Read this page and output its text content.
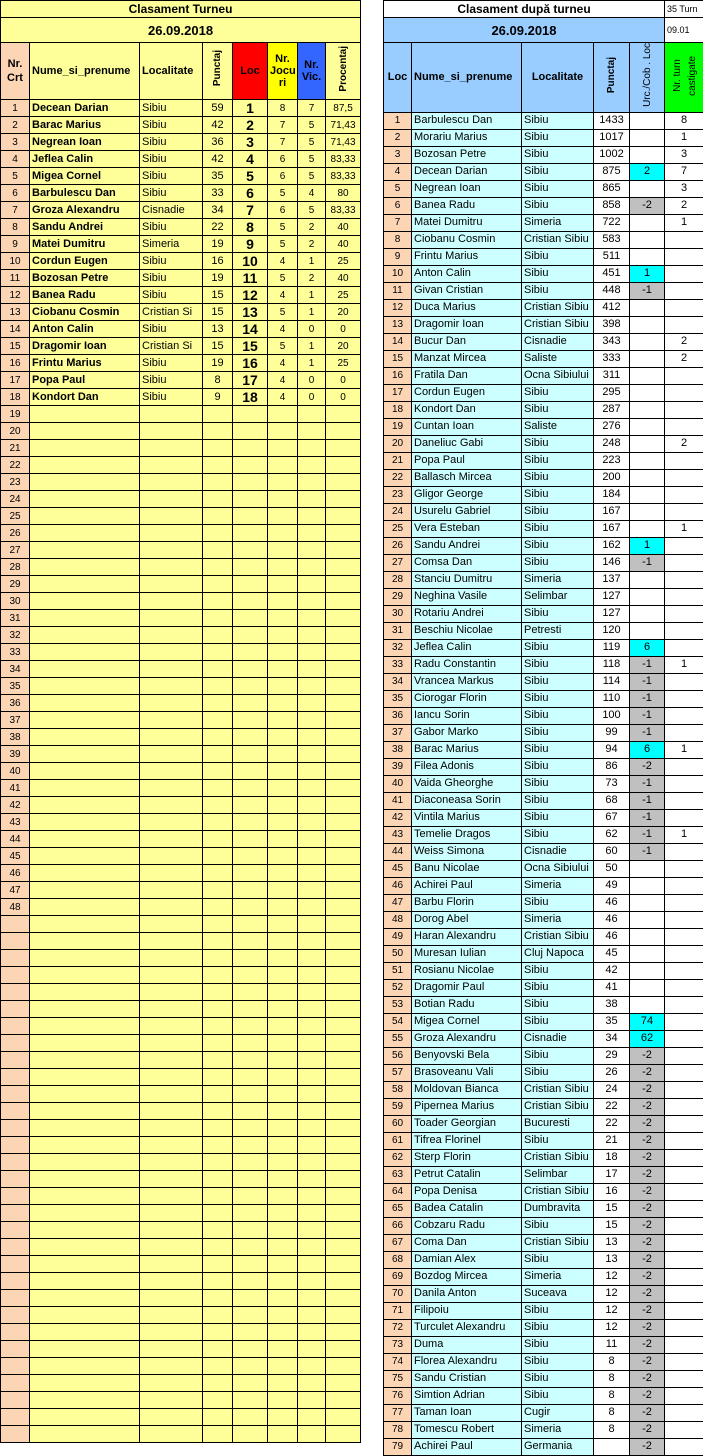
Clasament Turneu							
26.09.2018							
Nr. Crt	Nume_si_prenume	Localitate	Punctaj	Loc	Nr. Jocu ri	Nr. Vic.	Procentaj
1	Decean Darian	Sibiu	59	1	8	7	87,5
2	Barac Marius	Sibiu	42	2	7	5	71,43
3	Negrean Ioan	Sibiu	36	3	7	5	71,43
4	Jeflea Calin	Sibiu	42	4	6	5	83,33
5	Migea Cornel	Sibiu	35	5	6	5	83,33
6	Barbulescu Dan	Sibiu	33	6	5	4	80
7	Groza Alexandru	Cisnadie	34	7	6	5	83,33
8	Sandu Andrei	Sibiu	22	8	5	2	40
9	Matei Dumitru	Simeria	19	9	5	2	40
10	Cordun Eugen	Sibiu	16	10	4	1	25
11	Bozosan Petre	Sibiu	19	11	5	2	40
12	Banea Radu	Sibiu	15	12	4	1	25
13	Ciobanu Cosmin	Cristian Si	15	13	5	1	20
14	Anton Calin	Sibiu	13	14	4	0	0
15	Dragomir Ioan	Cristian Si	15	15	5	1	20
16	Frintu Marius	Sibiu	19	16	4	1	25
17	Popa Paul	Sibiu	8	17	4	0	0
18	Kondort Dan	Sibiu	9	18	4	0	0
19							
20							
21							
22							
23							
24							
25							
26							
27							
28							
29							
30							
31							
32							
33							
34							
35							
36							
37							
38							
39							
40							
41							
42							
43							
44							
45							
46							
47							
48							

Clasament după turneu					35 Turn
26.09.2018					09.01
Loc	Nume_si_prenume	Localitate	Punctaj	Urc./Cob . Loc	Nr. turn castigate
1	Barbulescu Dan	Sibiu	1433		8
2	Morariu Marius	Sibiu	1017		1
3	Bozosan Petre	Sibiu	1002		3
4	Decean Darian	Sibiu	875	2	7
5	Negrean Ioan	Sibiu	865		3
6	Banea Radu	Sibiu	858	-2	2
7	Matei Dumitru	Simeria	722		1
8	Ciobanu Cosmin	Cristian Sibiu	583		
9	Frintu Marius	Sibiu	511		
10	Anton Calin	Sibiu	451	1	
11	Givan Cristian	Sibiu	448	-1	
12	Duca Marius	Cristian Sibiu	412		
13	Dragomir Ioan	Cristian Sibiu	398		
14	Bucur Dan	Cisnadie	343		2
15	Manzat Mircea	Saliste	333		2
16	Fratila Dan	Ocna Sibiului	311		
17	Cordun Eugen	Sibiu	295		
18	Kondort Dan	Sibiu	287		
19	Cuntan Ioan	Saliste	276		
20	Daneliuc Gabi	Sibiu	248		2
21	Popa Paul	Sibiu	223		
22	Ballasch Mircea	Sibiu	200		
23	Gligor George	Sibiu	184		
24	Usurelu Gabriel	Sibiu	167		
25	Vera Esteban	Sibiu	167		1
26	Sandu Andrei	Sibiu	162	1	
27	Comsa Dan	Sibiu	146	-1	
28	Stanciu Dumitru	Simeria	137		
29	Neghina Vasile	Selimbar	127		
30	Rotariu Andrei	Sibiu	127		
31	Beschiu Nicolae	Petresti	120		
32	Jeflea Calin	Sibiu	119	6	
33	Radu Constantin	Sibiu	118	-1	1
34	Vrancea Markus	Sibiu	114	-1	
35	Ciorogar Florin	Sibiu	110	-1	
36	Iancu Sorin	Sibiu	100	-1	
37	Gabor Marko	Sibiu	99	-1	
38	Barac Marius	Sibiu	94	6	1
39	Filea Adonis	Sibiu	86	-2	
40	Vaida Gheorghe	Sibiu	73	-1	
41	Diaconeasa Sorin	Sibiu	68	-1	
42	Vintila Marius	Sibiu	67	-1	
43	Temelie Dragos	Sibiu	62	-1	1
44	Weiss Simona	Cisnadie	60	-1	
45	Banu Nicolae	Ocna Sibiului	50		
46	Achirei Paul	Simeria	49		
47	Barbu Florin	Sibiu	46		
48	Dorog Abel	Simeria	46		
49	Haran Alexandru	Cristian Sibiu	46		
50	Muresan Iulian	Cluj Napoca	45		
51	Rosianu Nicolae	Sibiu	42		
52	Dragomir Paul	Sibiu	41		
53	Botian Radu	Sibiu	38		
54	Migea Cornel	Sibiu	35	74	
55	Groza Alexandru	Cisnadie	34	62	
56	Benyovski Bela	Sibiu	29	-2	
57	Brasoveanu Vali	Sibiu	26	-2	
58	Moldovan Bianca	Cristian Sibiu	24	-2	
59	Pipernea Marius	Cristian Sibiu	22	-2	
60	Toader Georgian	Bucuresti	22	-2	
61	Tifrea Florinel	Sibiu	21	-2	
62	Sterp Florin	Cristian Sibiu	18	-2	
63	Petrut Catalin	Selimbar	17	-2	
64	Popa Denisa	Cristian Sibiu	16	-2	
65	Badea Catalin	Dumbravita	15	-2	
66	Cobzaru Radu	Sibiu	15	-2	
67	Coma Dan	Cristian Sibiu	13	-2	
68	Damian Alex	Sibiu	13	-2	
69	Bozdog Mircea	Simeria	12	-2	
70	Danila Anton	Suceava	12	-2	
71	Filipoiu	Sibiu	12	-2	
72	Turculet Alexandru	Sibiu	12	-2	
73	Duma	Sibiu	11	-2	
74	Florea Alexandru	Sibiu	8	-2	
75	Sandu Cristian	Sibiu	8	-2	
76	Simtion Adrian	Sibiu	8	-2	
77	Taman Ioan	Cugir	8	-2	
78	Tomescu Robert	Simeria	8	-2	
79	Achirei Paul	Germania		-2	
